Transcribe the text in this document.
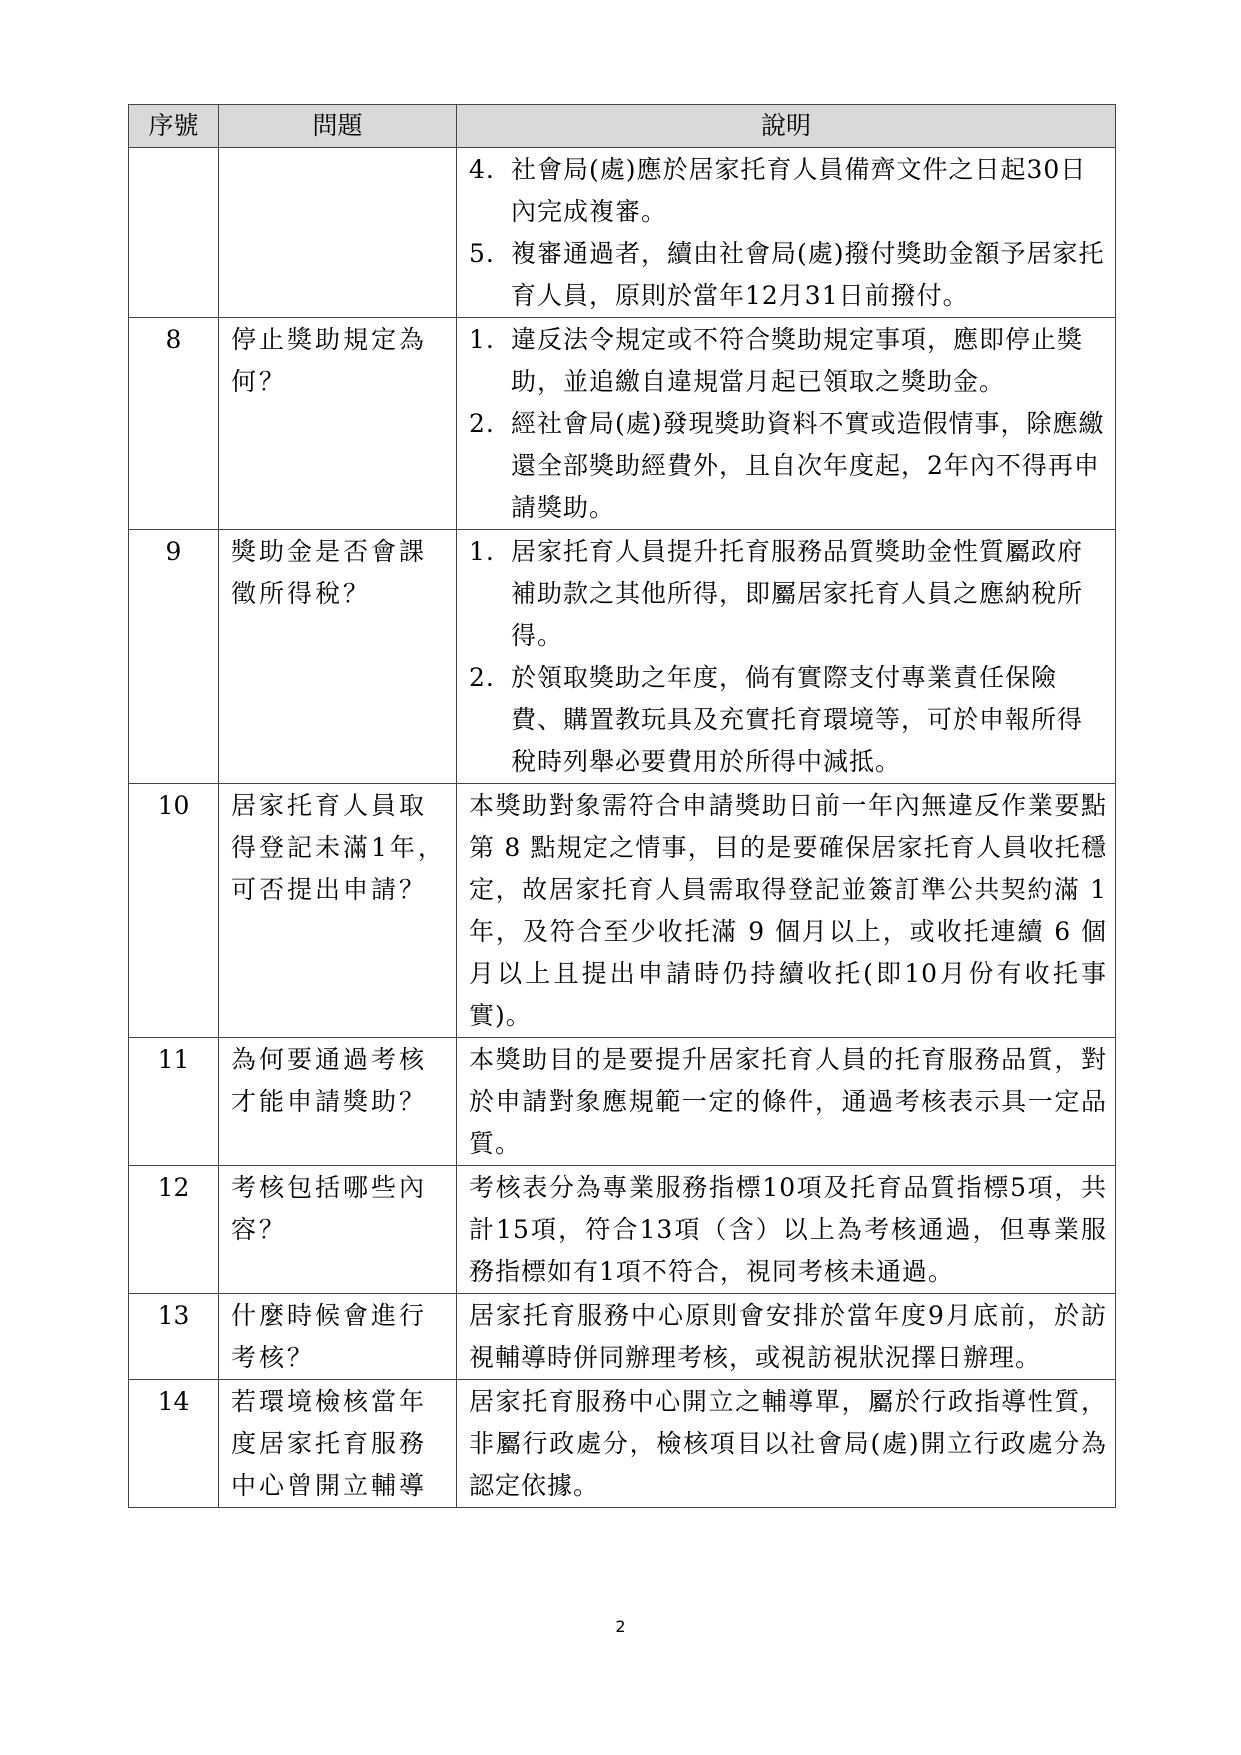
序號	問題	說明

		4. 社會局(處)應於居家托育人員備齊文件之日起30日內完成複審。
5. 複審通過者，續由社會局(處)撥付獎助金額予居家托育人員，原則於當年12月31日前撥付。

8	停止獎助規定為何？	1. 違反法令規定或不符合獎助規定事項，應即停止獎助，並追繳自違規當月起已領取之獎助金。
2. 經社會局(處)發現獎助資料不實或造假情事，除應繳還全部獎助經費外，且自次年度起，2年內不得再申請獎助。

9	獎助金是否會課徵所得稅？	1. 居家托育人員提升托育服務品質獎助金性質屬政府補助款之其他所得，即屬居家托育人員之應納稅所得。
2. 於領取獎助之年度，倘有實際支付專業責任保險費、購置教玩具及充實托育環境等，可於申報所得稅時列舉必要費用於所得中減抵。

10	居家托育人員取得登記未滿1年，可否提出申請？	本獎助對象需符合申請獎助日前一年內無違反作業要點第 8 點規定之情事，目的是要確保居家托育人員收托穩定，故居家托育人員需取得登記並簽訂準公共契約滿 1 年，及符合至少收托滿 9 個月以上，或收托連續 6 個月以上且提出申請時仍持續收托(即10月份有收托事實)。
11	為何要通過考核才能申請獎助？	本獎助目的是要提升居家托育人員的托育服務品質，對於申請對象應規範一定的條件，通過考核表示具一定品質。
12	考核包括哪些內容？	考核表分為專業服務指標10項及托育品質指標5項，共計15項，符合13項（含）以上為考核通過，但專業服務指標如有1項不符合，視同考核未通過。
13	什麼時候會進行考核？	居家托育服務中心原則會安排於當年度9月底前，於訪視輔導時併同辦理考核，或視訪視狀況擇日辦理。
14	若環境檢核當年度居家托育服務中心曾開立輔導	居家托育服務中心開立之輔導單，屬於行政指導性質，非屬行政處分，檢核項目以社會局(處)開立行政處分為認定依據。
2
